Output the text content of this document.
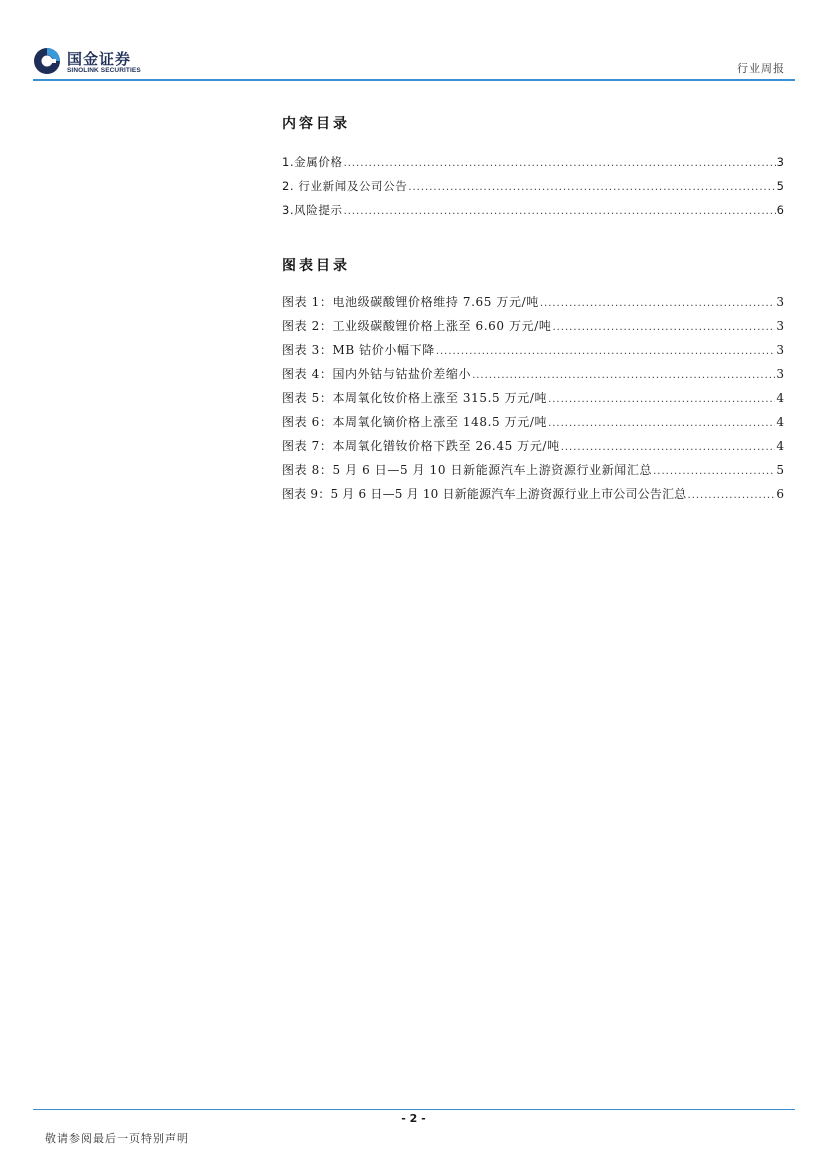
国金证券
SINOLINK SECURITIES	行业周报
内容目录
1.金属价格 .....	3
2. 行业新闻及公司公告 .....	5
3.风险提示 .....	6
图表目录
图表 1：电池级碳酸锂价格维持 7.65 万元/吨 .....	3
图表 2：工业级碳酸锂价格上涨至 6.60 万元/吨 .....	3
图表 3：MB 钴价小幅下降 .....	3
图表 4：国内外钴与钴盐价差缩小 .....	3
图表 5：本周氧化钕价格上涨至 315.5 万元/吨 .....	4
图表 6：本周氧化镝价格上涨至 148.5 万元/吨 .....	4
图表 7：本周氧化镨钕价格下跌至 26.45 万元/吨 .....	4
图表 8：5 月 6 日—5 月 10 日新能源汽车上游资源行业新闻汇总 .....	5
图表 9：5 月 6 日—5 月 10 日新能源汽车上游资源行业上市公司公告汇总 .....	6
- 2 -
敬请参阅最后一页特别声明
